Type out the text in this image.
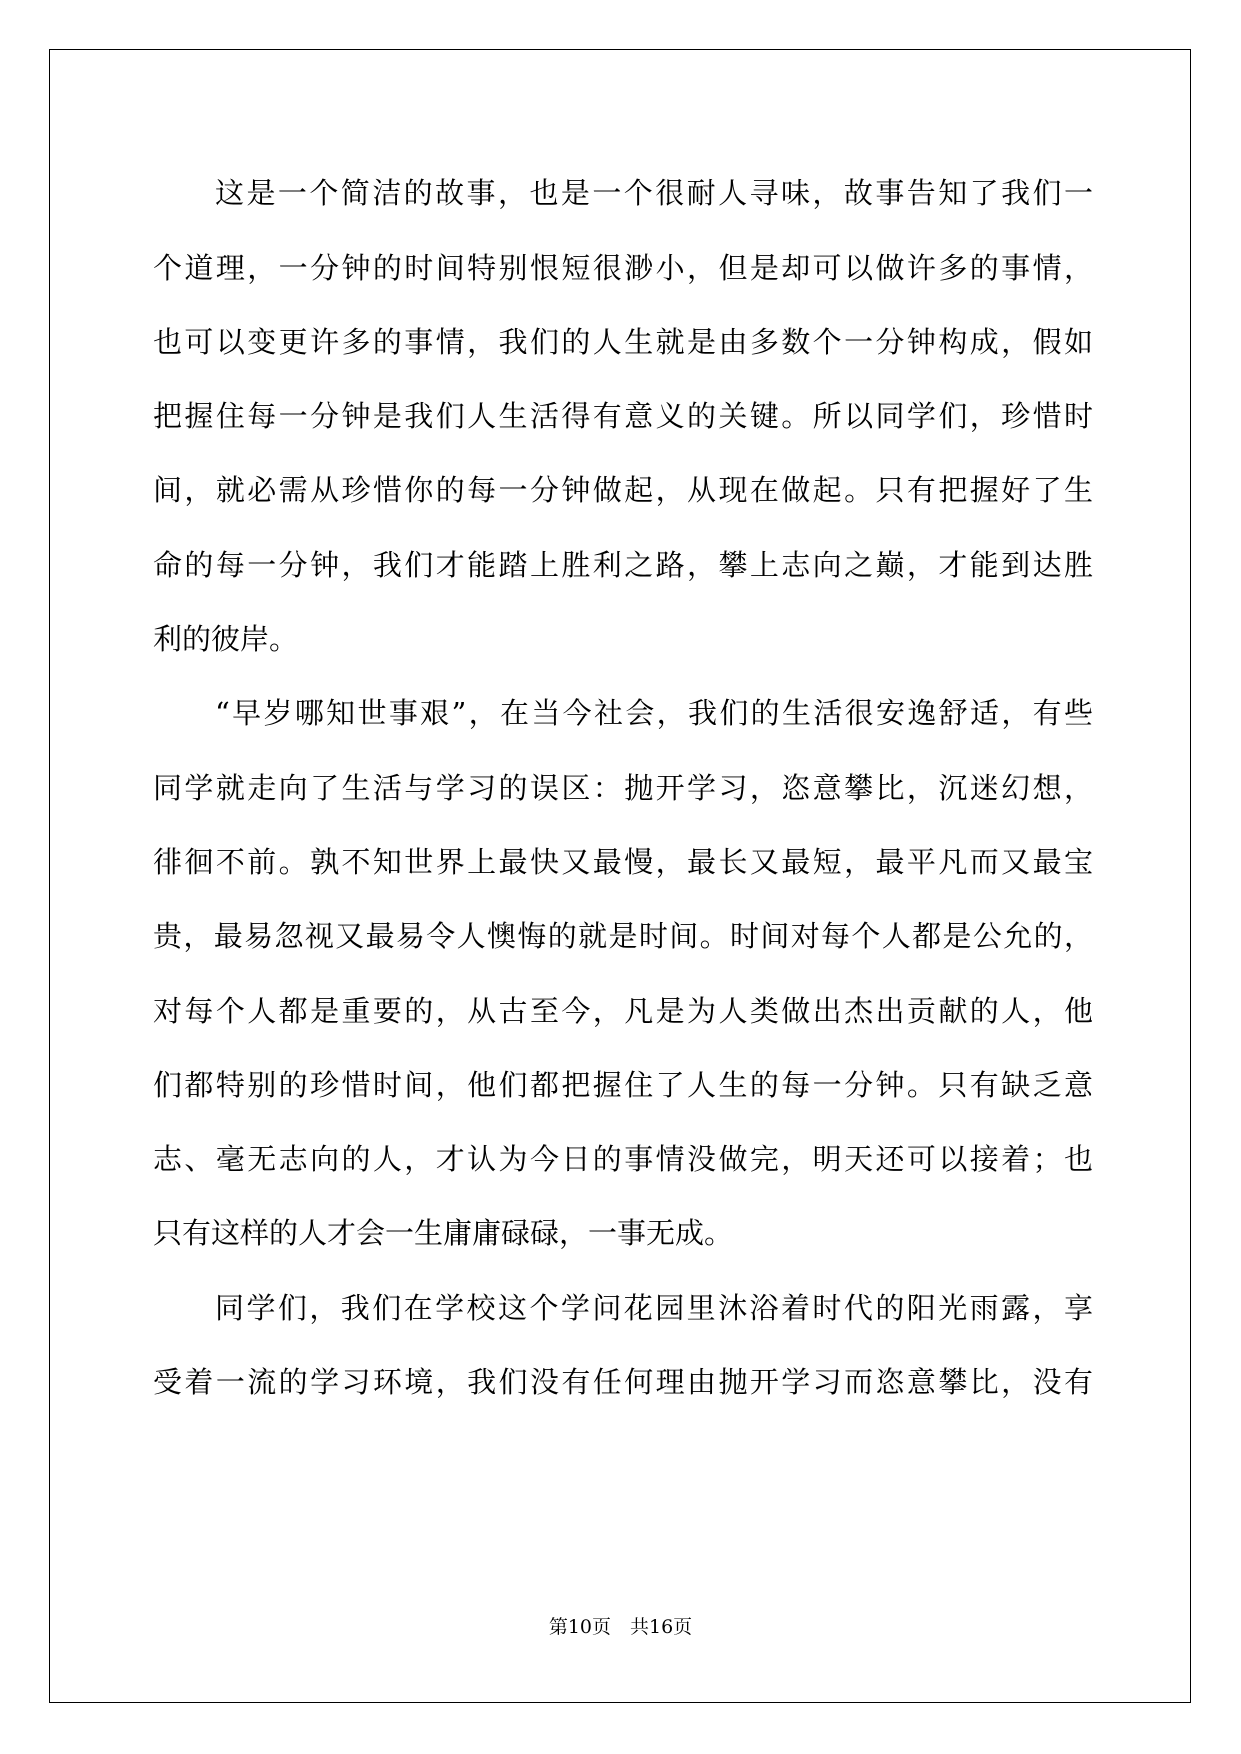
这是一个简洁的故事，也是一个很耐人寻味，故事告知了我们一
个道理，一分钟的时间特别恨短很渺小，但是却可以做许多的事情，
也可以变更许多的事情，我们的人生就是由多数个一分钟构成，假如
把握住每一分钟是我们人生活得有意义的关键。所以同学们，珍惜时
间，就必需从珍惜你的每一分钟做起，从现在做起。只有把握好了生
命的每一分钟，我们才能踏上胜利之路，攀上志向之巅，才能到达胜
利的彼岸。
“早岁哪知世事艰”，在当今社会，我们的生活很安逸舒适，有些
同学就走向了生活与学习的误区：抛开学习，恣意攀比，沉迷幻想，
徘徊不前。孰不知世界上最快又最慢，最长又最短，最平凡而又最宝
贵，最易忽视又最易令人懊悔的就是时间。时间对每个人都是公允的，
对每个人都是重要的，从古至今，凡是为人类做出杰出贡献的人，他
们都特别的珍惜时间，他们都把握住了人生的每一分钟。只有缺乏意
志、毫无志向的人，才认为今日的事情没做完，明天还可以接着；也
只有这样的人才会一生庸庸碌碌，一事无成。
同学们，我们在学校这个学问花园里沐浴着时代的阳光雨露，享
受着一流的学习环境，我们没有任何理由抛开学习而恣意攀比，没有
第10页　共16页
